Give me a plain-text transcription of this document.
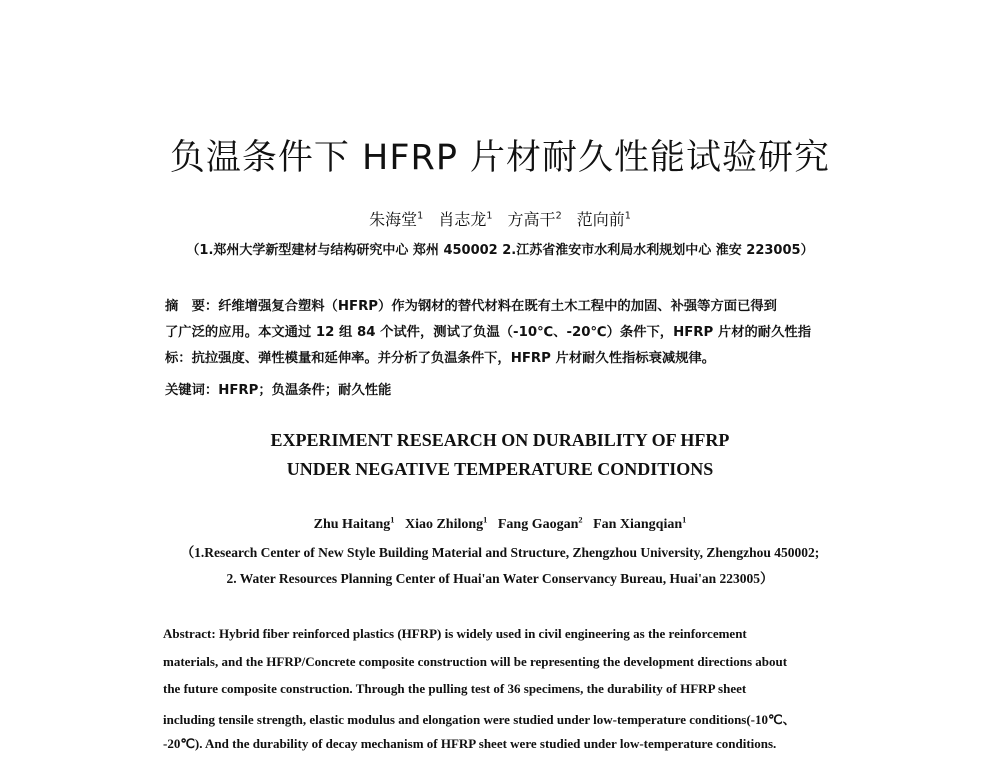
负温条件下 HFRP 片材耐久性能试验研究
朱海堂$^1$ 肖志龙$^1$ 方高干$^2$ 范向前$^1$
（1.郑州大学新型建材与结构研究中心 郑州 450002 2.江苏省淮安市水利局水利规划中心 淮安 223005）
摘　要：纤维增强复合塑料（HFRP）作为钢材的替代材料在既有土木工程中的加固、补强等方面已得到
了广泛的应用。本文通过 12 组 84 个试件，测试了负温（-10℃、-20℃）条件下，HFRP 片材的耐久性指
标：抗拉强度、弹性模量和延伸率。并分析了负温条件下，HFRP 片材耐久性指标衰减规律。
关键词：HFRP；负温条件；耐久性能
EXPERIMENT RESEARCH ON DURABILITY OF HFRP
UNDER NEGATIVE TEMPERATURE CONDITIONS
Zhu Haitang$^1$ Xiao Zhilong$^1$ Fang Gaogan$^2$ Fan Xiangqian$^1$
（1.Research Center of New Style Building Material and Structure, Zhengzhou University, Zhengzhou 450002;
2. Water Resources Planning Center of Huai'an Water Conservancy Bureau, Huai'an 223005）
Abstract: Hybrid fiber reinforced plastics (HFRP) is widely used in civil engineering as the reinforcement
materials, and the HFRP/Concrete composite construction will be representing the development directions about
the future composite construction. Through the pulling test of 36 specimens, the durability of HFRP sheet
including tensile strength, elastic modulus and elongation were studied under low-temperature conditions(-10℃、
-20℃). And the durability of decay mechanism of HFRP sheet were studied under low-temperature conditions.
